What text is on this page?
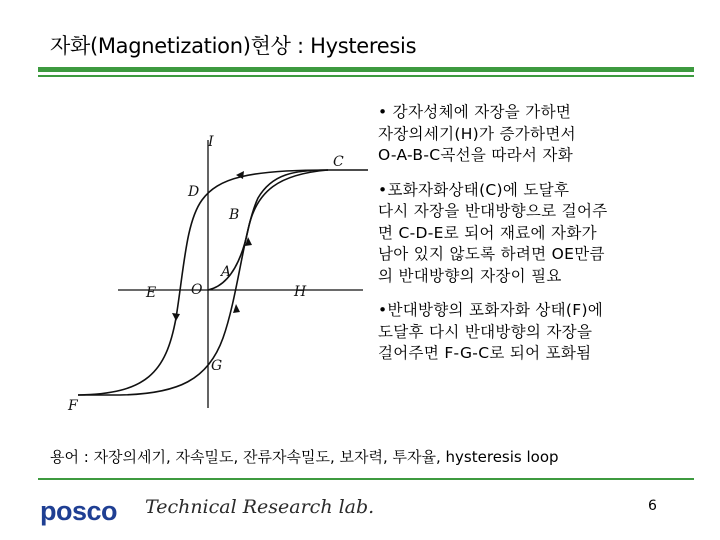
자화(Magnetization)현상 : Hysteresis
I
C
D
B
A
E O	H
G
F
• 강자성체에 자장을 가하면
자장의세기(H)가 증가하면서
O-A-B-C곡선을 따라서 자화
•포화자화상태(C)에 도달후
다시 자장을 반대방향으로 걸어주
면 C-D-E로 되어 재료에 자화가
남아 있지 않도록 하려면 OE만큼
의 반대방향의 자장이 필요
•반대방향의 포화자화 상태(F)에
도달후 다시 반대방향의 자장을
걸어주면 F-G-C로 되어 포화됨
용어 : 자장의세기, 자속밀도, 잔류자속밀도, 보자력, 투자율, hysteresis loop
posco Technical Research lab.	6
